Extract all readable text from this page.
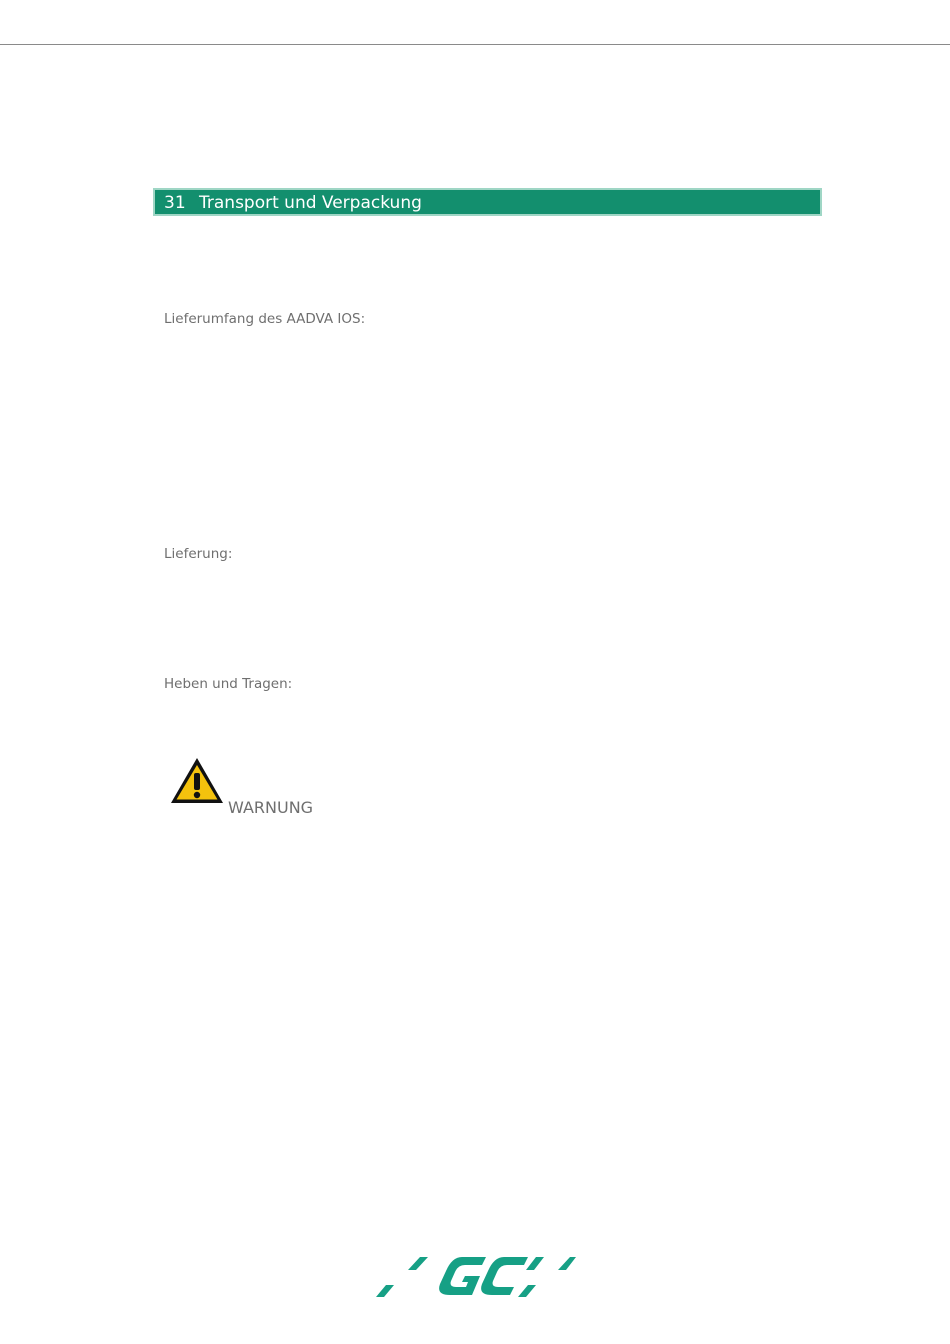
31 Transport und Verpackung
Lieferumfang des AADVA IOS:
Lieferung:
Heben und Tragen:
WARNUNG
